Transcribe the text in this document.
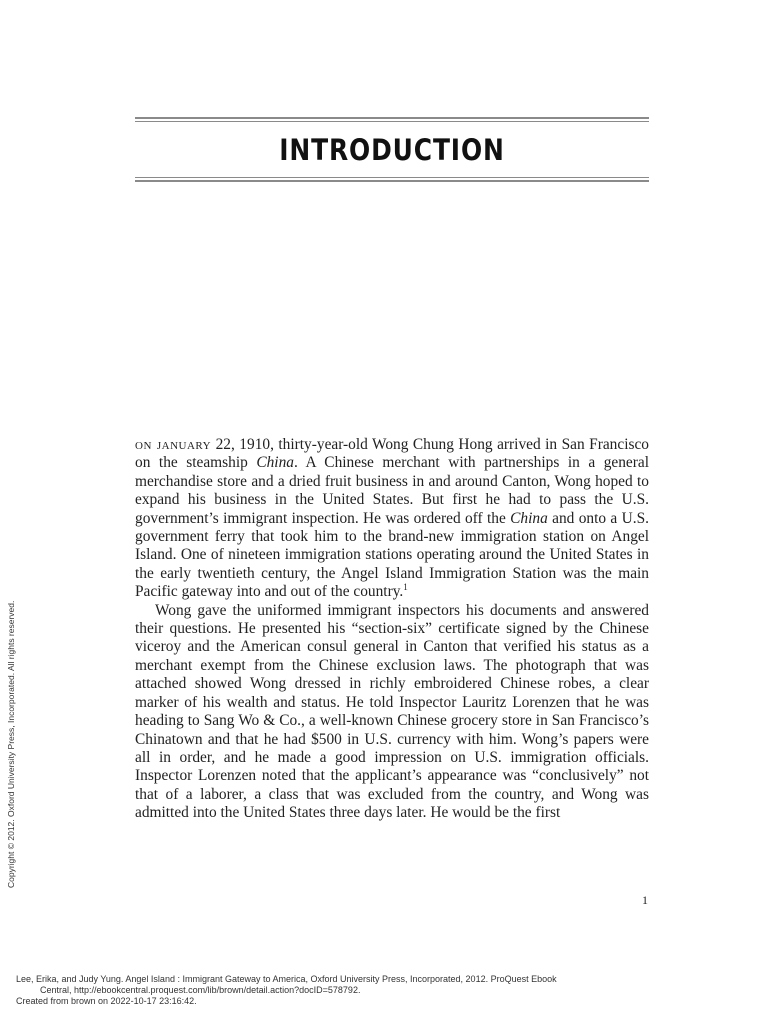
INTRODUCTION

on january 22, 1910, thirty-year-old Wong Chung Hong arrived in San Francisco on the steamship China. A Chinese merchant with partnerships in a general merchandise store and a dried fruit business in and around Canton, Wong hoped to expand his business in the United States. But first he had to pass the U.S. government’s immigrant inspection. He was ordered off the China and onto a U.S. government ferry that took him to the brand-new immigration station on Angel Island. One of nineteen immigration stations operating around the United States in the early twentieth century, the Angel Island Immigration Station was the main Pacific gateway into and out of the country.$^1$

Wong gave the uniformed immigrant inspectors his documents and answered their questions. He presented his “section-six” certificate signed by the Chinese viceroy and the American consul general in Canton that verified his status as a merchant exempt from the Chinese exclusion laws. The photograph that was attached showed Wong dressed in richly embroidered Chinese robes, a clear marker of his wealth and status. He told Inspector Lauritz Lorenzen that he was heading to Sang Wo & Co., a well-known Chinese grocery store in San Francisco’s Chinatown and that he had $500 in U.S. currency with him. Wong’s papers were all in order, and he made a good impression on U.S. immigration officials. Inspector Lorenzen noted that the applicant’s appearance was “conclusively” not that of a laborer, a class that was excluded from the country, and Wong was admitted into the United States three days later. He would be the first

1
Copyright © 2012. Oxford University Press, Incorporated. All rights reserved.
Lee, Erika, and Judy Yung. Angel Island : Immigrant Gateway to America, Oxford University Press, Incorporated, 2012. ProQuest Ebook
Central, http://ebookcentral.proquest.com/lib/brown/detail.action?docID=578792.
Created from brown on 2022-10-17 23:16:42.
